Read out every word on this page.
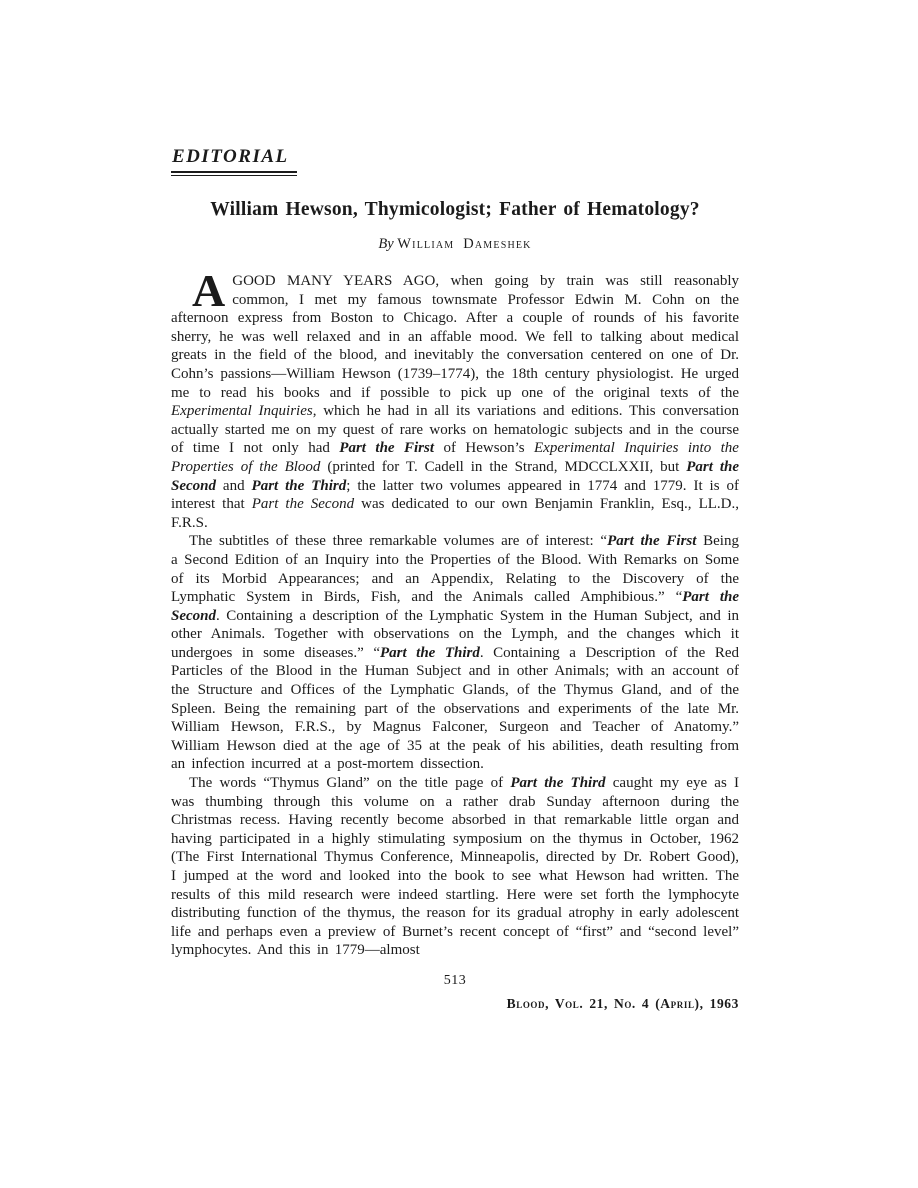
EDITORIAL
William Hewson, Thymicologist; Father of Hematology?
By William Dameshek

AGOOD MANY YEARS AGO, when going by train was still reasonably common, I met my famous townsmate Professor Edwin M. Cohn on the afternoon express from Boston to Chicago. After a couple of rounds of his favorite sherry, he was well relaxed and in an affable mood. We fell to talking about medical greats in the field of the blood, and inevitably the conversation centered on one of Dr. Cohn’s passions—William Hewson (1739–1774), the 18th century physiologist. He urged me to read his books and if possible to pick up one of the original texts of the Experimental Inquiries, which he had in all its variations and editions. This conversation actually started me on my quest of rare works on hematologic subjects and in the course of time I not only had Part the First of Hewson’s Experimental Inquiries into the Properties of the Blood (printed for T. Cadell in the Strand, MDCCLXXII, but Part the Second and Part the Third; the latter two volumes appeared in 1774 and 1779. It is of interest that Part the Second was dedicated to our own Benjamin Franklin, Esq., LL.D., F.R.S.

The subtitles of these three remarkable volumes are of interest: “Part the First Being a Second Edition of an Inquiry into the Properties of the Blood. With Remarks on Some of its Morbid Appearances; and an Appendix, Relating to the Discovery of the Lymphatic System in Birds, Fish, and the Animals called Amphibious.” “Part the Second. Containing a description of the Lymphatic System in the Human Subject, and in other Animals. Together with observations on the Lymph, and the changes which it undergoes in some diseases.” “Part the Third. Containing a Description of the Red Particles of the Blood in the Human Subject and in other Animals; with an account of the Structure and Offices of the Lymphatic Glands, of the Thymus Gland, and of the Spleen. Being the remaining part of the observations and experiments of the late Mr. William Hewson, F.R.S., by Magnus Falconer, Surgeon and Teacher of Anatomy.” William Hewson died at the age of 35 at the peak of his abilities, death resulting from an infection incurred at a post-mortem dissection.

The words “Thymus Gland” on the title page of Part the Third caught my eye as I was thumbing through this volume on a rather drab Sunday afternoon during the Christmas recess. Having recently become absorbed in that remarkable little organ and having participated in a highly stimulating symposium on the thymus in October, 1962 (The First International Thymus Conference, Minneapolis, directed by Dr. Robert Good), I jumped at the word and looked into the book to see what Hewson had written. The results of this mild research were indeed startling. Here were set forth the lymphocyte distributing function of the thymus, the reason for its gradual atrophy in early adolescent life and perhaps even a preview of Burnet’s recent concept of “first” and “second level” lymphocytes. And this in 1779—almost

513
Blood, Vol. 21, No. 4 (April), 1963
